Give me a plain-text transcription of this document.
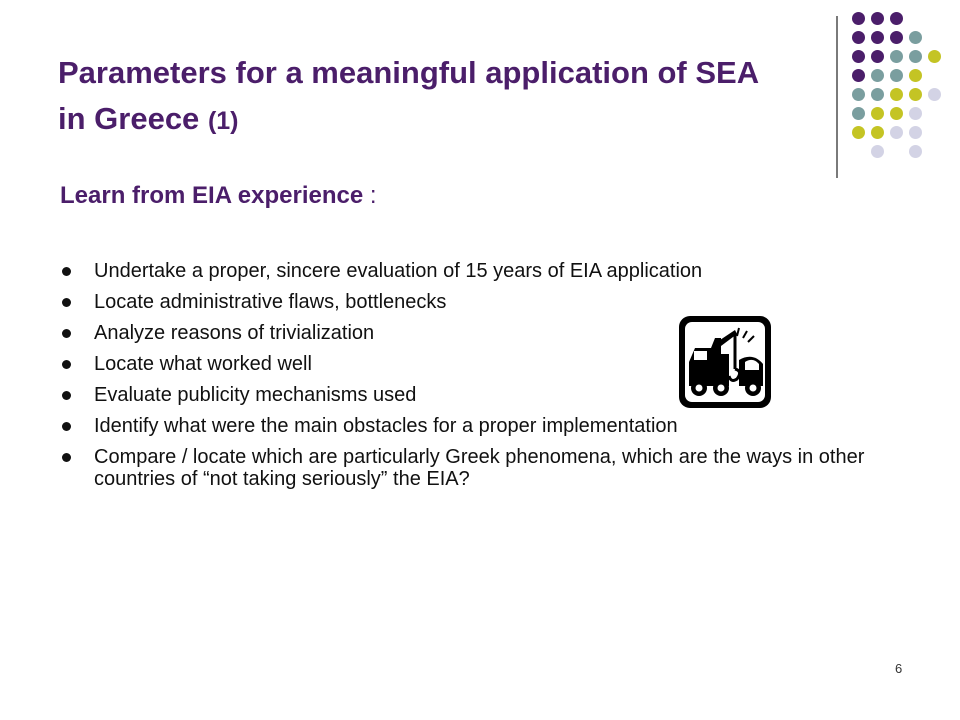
Parameters for a meaningful application of SEA in Greece (1)
Learn from EIA experience :
Undertake a proper, sincere evaluation of 15 years of EIA application
Locate administrative flaws, bottlenecks
Analyze reasons of trivialization
Locate what worked well
Evaluate publicity mechanisms used
Identify what were the main obstacles for a proper implementation
Compare / locate which are particularly Greek phenomena, which are the ways in other countries of “not taking seriously” the EIA?
6
